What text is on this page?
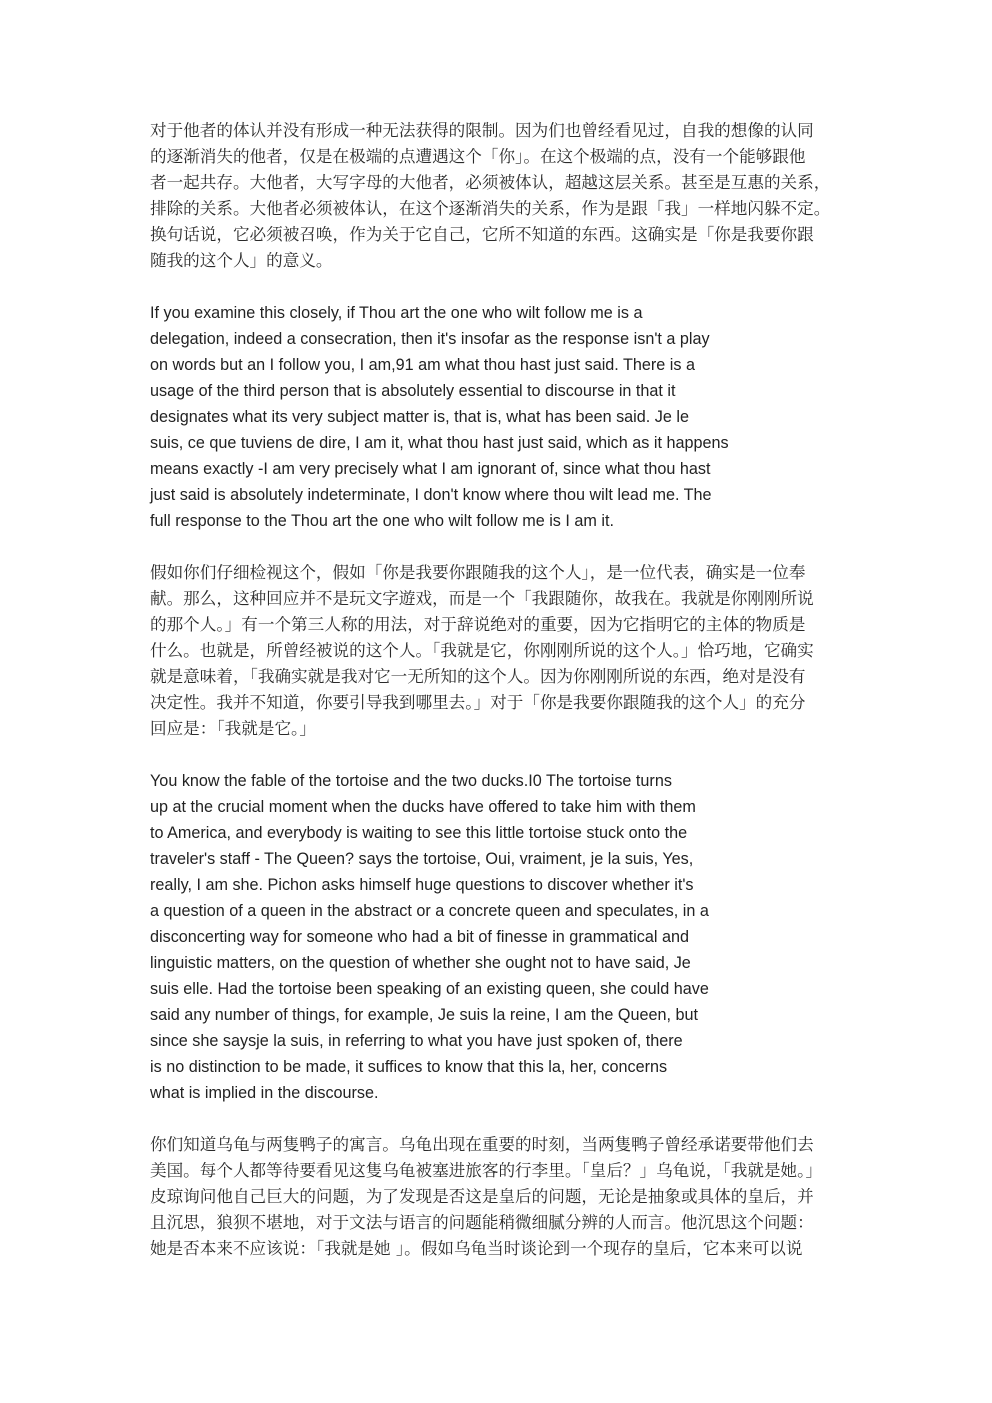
对于他者的体认并没有形成一种无法获得的限制。因为们也曾经看见过，自我的想像的认同
的逐渐消失的他者，仅是在极端的点遭遇这个「你」。在这个极端的点，没有一个能够跟他
者一起共存。大他者，大写字母的大他者，必须被体认，超越这层关系。甚至是互惠的关系，
排除的关系。大他者必须被体认，在这个逐渐消失的关系，作为是跟「我」一样地闪躲不定。
换句话说，它必须被召唤，作为关于它自己，它所不知道的东西。这确实是「你是我要你跟
随我的这个人」的意义。

If you examine this closely, if Thou art the one who wilt follow me is a
delegation, indeed a consecration, then it's insofar as the response isn't a play
on words but an I follow you, I am,91 am what thou hast just said. There is a
usage of the third person that is absolutely essential to discourse in that it
designates what its very subject matter is, that is, what has been said. Je le
suis, ce que tuviens de dire, I am it, what thou hast just said, which as it happens
means exactly -I am very precisely what I am ignorant of, since what thou hast
just said is absolutely indeterminate, I don't know where thou wilt lead me. The
full response to the Thou art the one who wilt follow me is I am it.

假如你们仔细检视这个，假如「你是我要你跟随我的这个人」，是一位代表，确实是一位奉
献。那么，这种回应并不是玩文字遊戏，而是一个「我跟随你，故我在。我就是你刚刚所说
的那个人。」有一个第三人称的用法，对于辞说绝对的重要，因为它指明它的主体的物质是
什么。也就是，所曾经被说的这个人。「我就是它，你刚刚所说的这个人。」恰巧地，它确实
就是意味着，「我确实就是我对它一无所知的这个人。因为你刚刚所说的东西，绝对是没有
决定性。我并不知道，你要引导我到哪里去。」对于「你是我要你跟随我的这个人」的充分
回应是：「我就是它。」

You know the fable of the tortoise and the two ducks.I0 The tortoise turns
up at the crucial moment when the ducks have offered to take him with them
to America, and everybody is waiting to see this little tortoise stuck onto the
traveler's staff - The Queen? says the tortoise, Oui, vraiment, je la suis, Yes,
really, I am she. Pichon asks himself huge questions to discover whether it's
a question of a queen in the abstract or a concrete queen and speculates, in a
disconcerting way for someone who had a bit of finesse in grammatical and
linguistic matters, on the question of whether she ought not to have said, Je
suis elle. Had the tortoise been speaking of an existing queen, she could have
said any number of things, for example, Je suis la reine, I am the Queen, but
since she saysje la suis, in referring to what you have just spoken of, there
is no distinction to be made, it suffices to know that this la, her, concerns
what is implied in the discourse.

你们知道乌龟与两隻鸭子的寓言。乌龟出现在重要的时刻，当两隻鸭子曾经承诺要带他们去
美国。每个人都等待要看见这隻乌龟被塞进旅客的行李里。「皇后？」乌龟说，「我就是她。」
皮琼询问他自己巨大的问题，为了发现是否这是皇后的问题，无论是抽象或具体的皇后，并
且沉思，狼狈不堪地，对于文法与语言的问题能稍微细腻分辨的人而言。他沉思这个问题：
她是否本来不应该说：「我就是她 」。假如乌龟当时谈论到一个现存的皇后，它本来可以说
